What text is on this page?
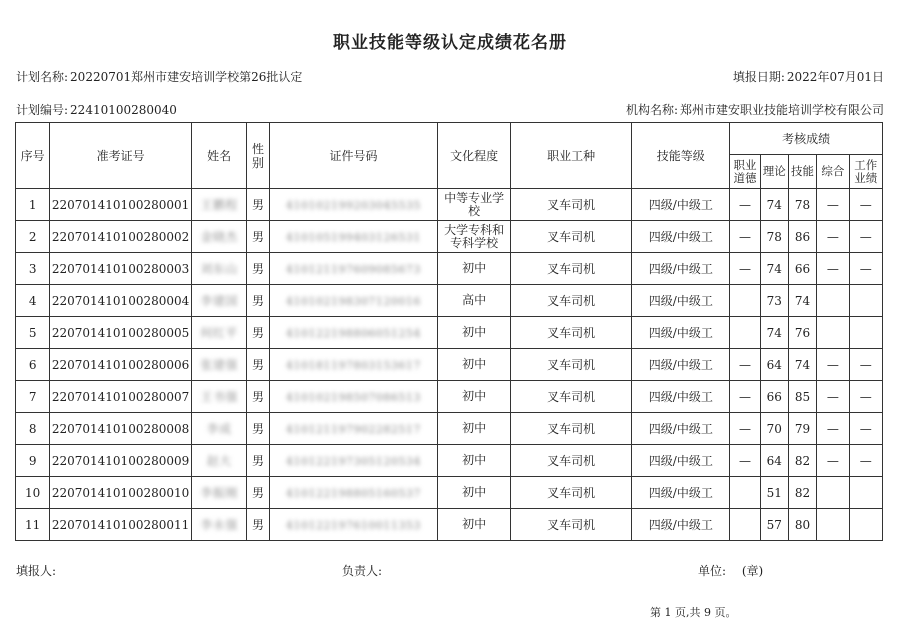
职业技能等级认定成绩花名册
计划名称: 20220701郑州市建安培训学校第26批认定	填报日期: 2022年07月01日
计划编号: 22410100280040	机构名称: 郑州市建安职业技能培训学校有限公司
序号	准考证号	姓名	性别	证件号码	文化程度	职业工种	技能等级	考核成绩				
								职业道德	理论	技能	综合	工作业绩
1	220701410100280001	王鹏程	男	410102199203045535	中等专业学校	叉车司机	四级/中级工	—	74	78	—	—
2	220701410100280002	金晓杰	男	410105199403126531	大学专科和专科学校	叉车司机	四级/中级工	—	78	86	—	—
3	220701410100280003	刘东山	男	410121197609085673	初中	叉车司机	四级/中级工	—	74	66	—	—
4	220701410100280004	李建国	男	410102198307120016	高中	叉车司机	四级/中级工		73	74		
5	220701410100280005	何红平	男	410122198806051254	初中	叉车司机	四级/中级工		74	76		
6	220701410100280006	张建强	男	410181197803153617	初中	叉车司机	四级/中级工	—	64	74	—	—
7	220701410100280007	王书强	男	410102198507086513	初中	叉车司机	四级/中级工	—	66	85	—	—
8	220701410100280008	李成	男	410121197902282517	初中	叉车司机	四级/中级工	—	70	79	—	—
9	220701410100280009	赵大	男	410122197305120534	初中	叉车司机	四级/中级工	—	64	82	—	—
10	220701410100280010	李振刚	男	410122198805160537	初中	叉车司机	四级/中级工		51	82		
11	220701410100280011	李永强	男	410122197610011353	初中	叉车司机	四级/中级工		57	80		
填报人:	负责人:	单位: (章)
第 1 页,共 9 页。
